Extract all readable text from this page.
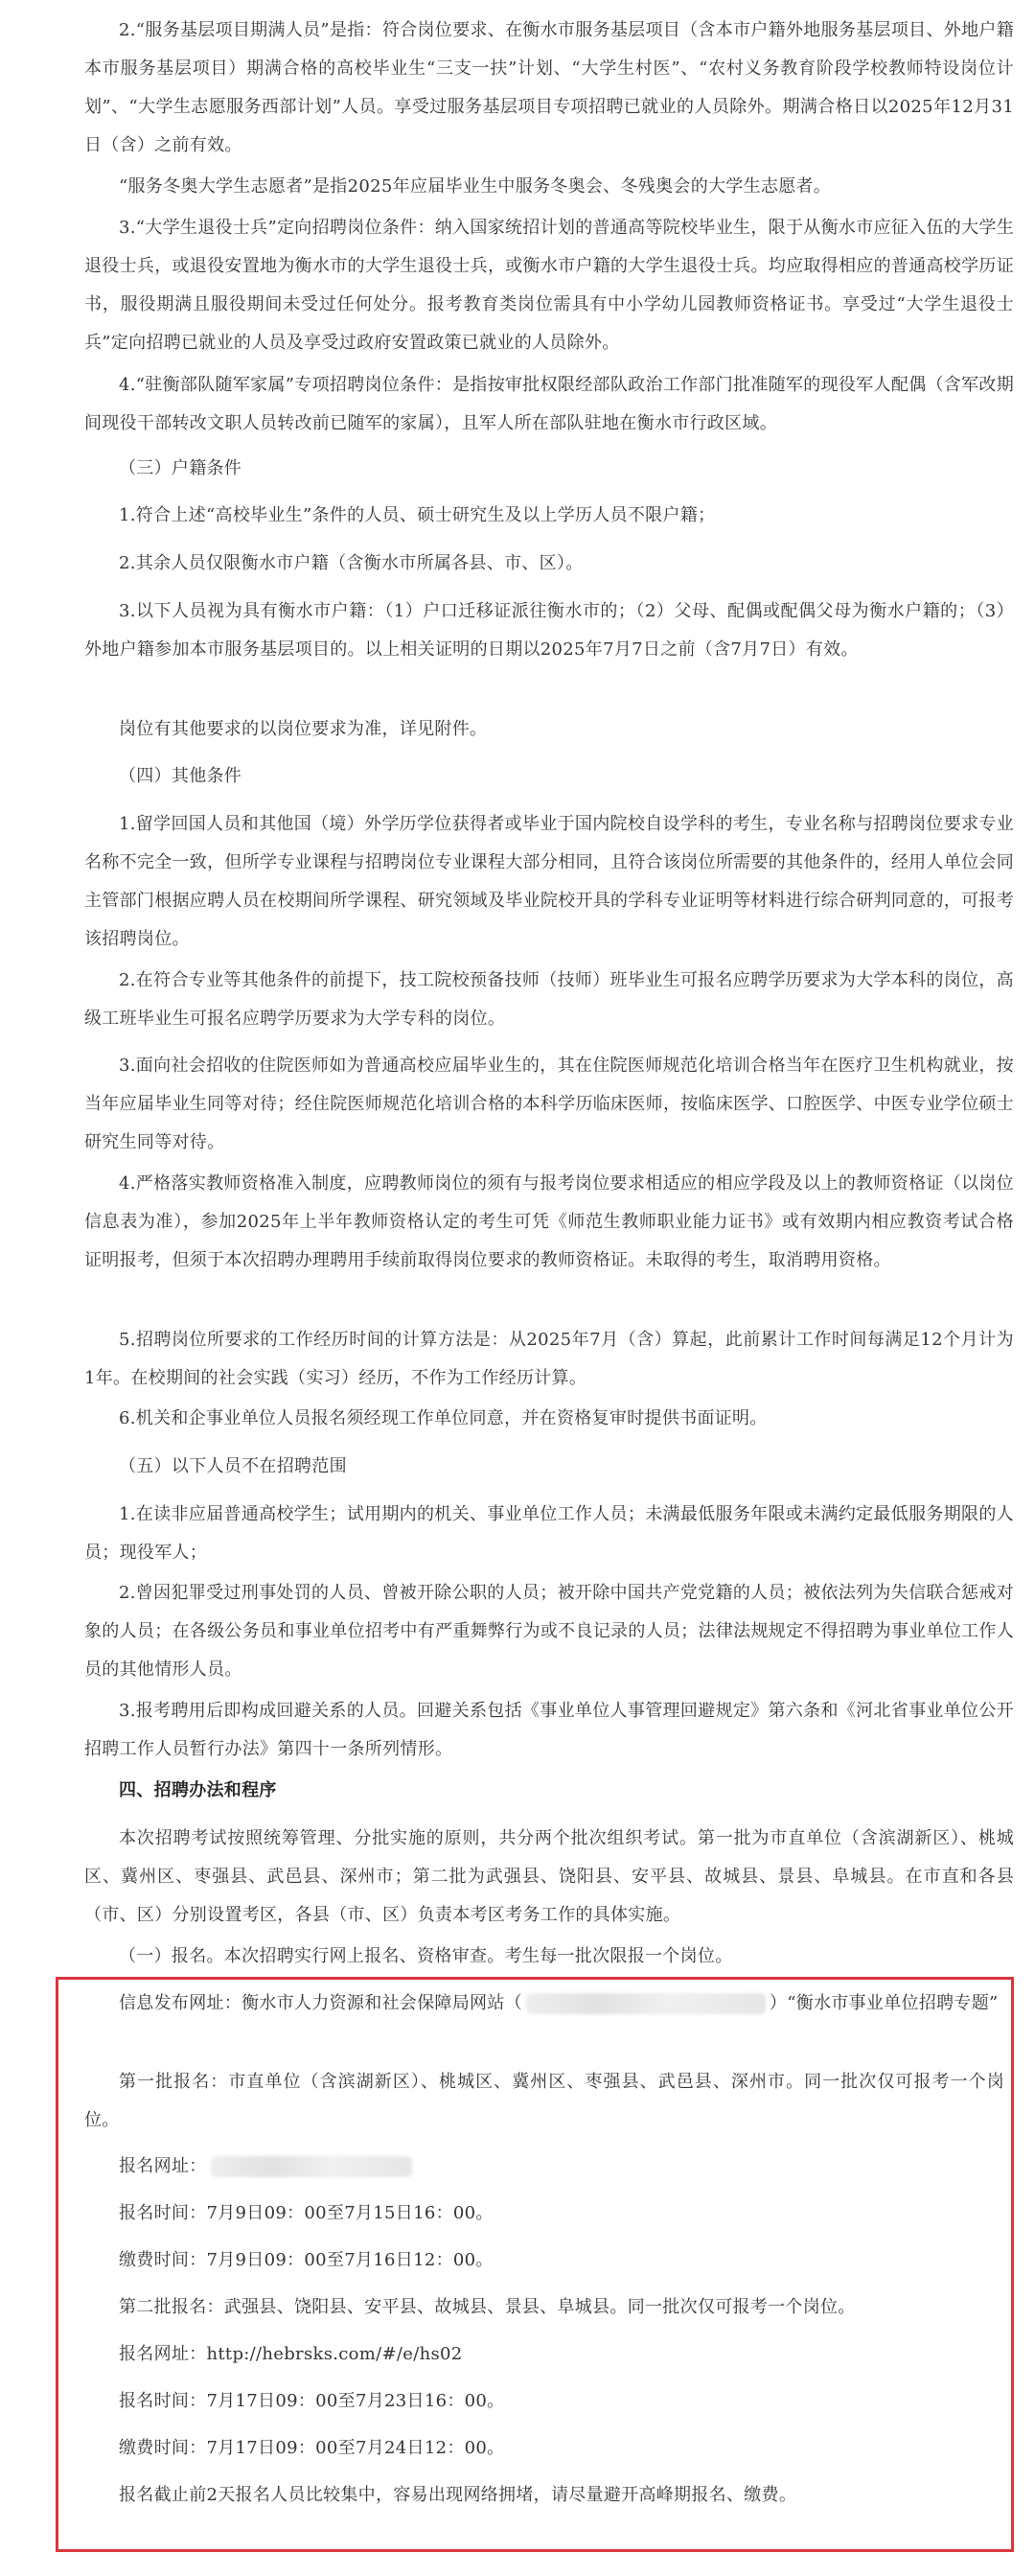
2.“服务基层项目期满人员”是指：符合岗位要求、在衡水市服务基层项目（含本市户籍外地服务基层项目、外地户籍本市服务基层项目）期满合格的高校毕业生“三支一扶”计划、“大学生村医”、“农村义务教育阶段学校教师特设岗位计划”、“大学生志愿服务西部计划”人员。享受过服务基层项目专项招聘已就业的人员除外。期满合格日以2025年12月31日（含）之前有效。

“服务冬奥大学生志愿者”是指2025年应届毕业生中服务冬奥会、冬残奥会的大学生志愿者。

3.“大学生退役士兵”定向招聘岗位条件：纳入国家统招计划的普通高等院校毕业生，限于从衡水市应征入伍的大学生退役士兵，或退役安置地为衡水市的大学生退役士兵，或衡水市户籍的大学生退役士兵。均应取得相应的普通高校学历证书，服役期满且服役期间未受过任何处分。报考教育类岗位需具有中小学幼儿园教师资格证书。享受过“大学生退役士兵”定向招聘已就业的人员及享受过政府安置政策已就业的人员除外。

4.“驻衡部队随军家属”专项招聘岗位条件：是指按审批权限经部队政治工作部门批准随军的现役军人配偶（含军改期间现役干部转改文职人员转改前已随军的家属），且军人所在部队驻地在衡水市行政区域。

（三）户籍条件

1.符合上述“高校毕业生”条件的人员、硕士研究生及以上学历人员不限户籍；

2.其余人员仅限衡水市户籍（含衡水市所属各县、市、区）。

3.以下人员视为具有衡水市户籍：（1）户口迁移证派往衡水市的；（2）父母、配偶或配偶父母为衡水户籍的；（3）外地户籍参加本市服务基层项目的。以上相关证明的日期以2025年7月7日之前（含7月7日）有效。

岗位有其他要求的以岗位要求为准，详见附件。

（四）其他条件

1.留学回国人员和其他国（境）外学历学位获得者或毕业于国内院校自设学科的考生，专业名称与招聘岗位要求专业名称不完全一致，但所学专业课程与招聘岗位专业课程大部分相同，且符合该岗位所需要的其他条件的，经用人单位会同主管部门根据应聘人员在校期间所学课程、研究领域及毕业院校开具的学科专业证明等材料进行综合研判同意的，可报考该招聘岗位。

2.在符合专业等其他条件的前提下，技工院校预备技师（技师）班毕业生可报名应聘学历要求为大学本科的岗位，高级工班毕业生可报名应聘学历要求为大学专科的岗位。

3.面向社会招收的住院医师如为普通高校应届毕业生的，其在住院医师规范化培训合格当年在医疗卫生机构就业，按当年应届毕业生同等对待；经住院医师规范化培训合格的本科学历临床医师，按临床医学、口腔医学、中医专业学位硕士研究生同等对待。

4.严格落实教师资格准入制度，应聘教师岗位的须有与报考岗位要求相适应的相应学段及以上的教师资格证（以岗位信息表为准），参加2025年上半年教师资格认定的考生可凭《师范生教师职业能力证书》或有效期内相应教资考试合格证明报考，但须于本次招聘办理聘用手续前取得岗位要求的教师资格证。未取得的考生，取消聘用资格。

5.招聘岗位所要求的工作经历时间的计算方法是：从2025年7月（含）算起，此前累计工作时间每满足12个月计为1年。在校期间的社会实践（实习）经历，不作为工作经历计算。

6.机关和企事业单位人员报名须经现工作单位同意，并在资格复审时提供书面证明。

（五）以下人员不在招聘范围

1.在读非应届普通高校学生；试用期内的机关、事业单位工作人员；未满最低服务年限或未满约定最低服务期限的人员；现役军人；

2.曾因犯罪受过刑事处罚的人员、曾被开除公职的人员；被开除中国共产党党籍的人员；被依法列为失信联合惩戒对象的人员；在各级公务员和事业单位招考中有严重舞弊行为或不良记录的人员；法律法规规定不得招聘为事业单位工作人员的其他情形人员。

3.报考聘用后即构成回避关系的人员。回避关系包括《事业单位人事管理回避规定》第六条和《河北省事业单位公开招聘工作人员暂行办法》第四十一条所列情形。

四、招聘办法和程序

本次招聘考试按照统筹管理、分批实施的原则，共分两个批次组织考试。第一批为市直单位（含滨湖新区）、桃城区、冀州区、枣强县、武邑县、深州市；第二批为武强县、饶阳县、安平县、故城县、景县、阜城县。在市直和各县（市、区）分别设置考区，各县（市、区）负责本考区考务工作的具体实施。

（一）报名。本次招聘实行网上报名、资格审查。考生每一批次限报一个岗位。

信息发布网址：衡水市人力资源和社会保障局网站（	）“衡水市事业单位招聘专题”

第一批报名：市直单位（含滨湖新区）、桃城区、冀州区、枣强县、武邑县、深州市。同一批次仅可报考一个岗位。

报名网址：

报名时间：7月9日09：00至7月15日16：00。

缴费时间：7月9日09：00至7月16日12：00。

第二批报名：武强县、饶阳县、安平县、故城县、景县、阜城县。同一批次仅可报考一个岗位。

报名网址：http://hebrsks.com/#/e/hs02

报名时间：7月17日09：00至7月23日16：00。

缴费时间：7月17日09：00至7月24日12：00。

报名截止前2天报名人员比较集中，容易出现网络拥堵，请尽量避开高峰期报名、缴费。
